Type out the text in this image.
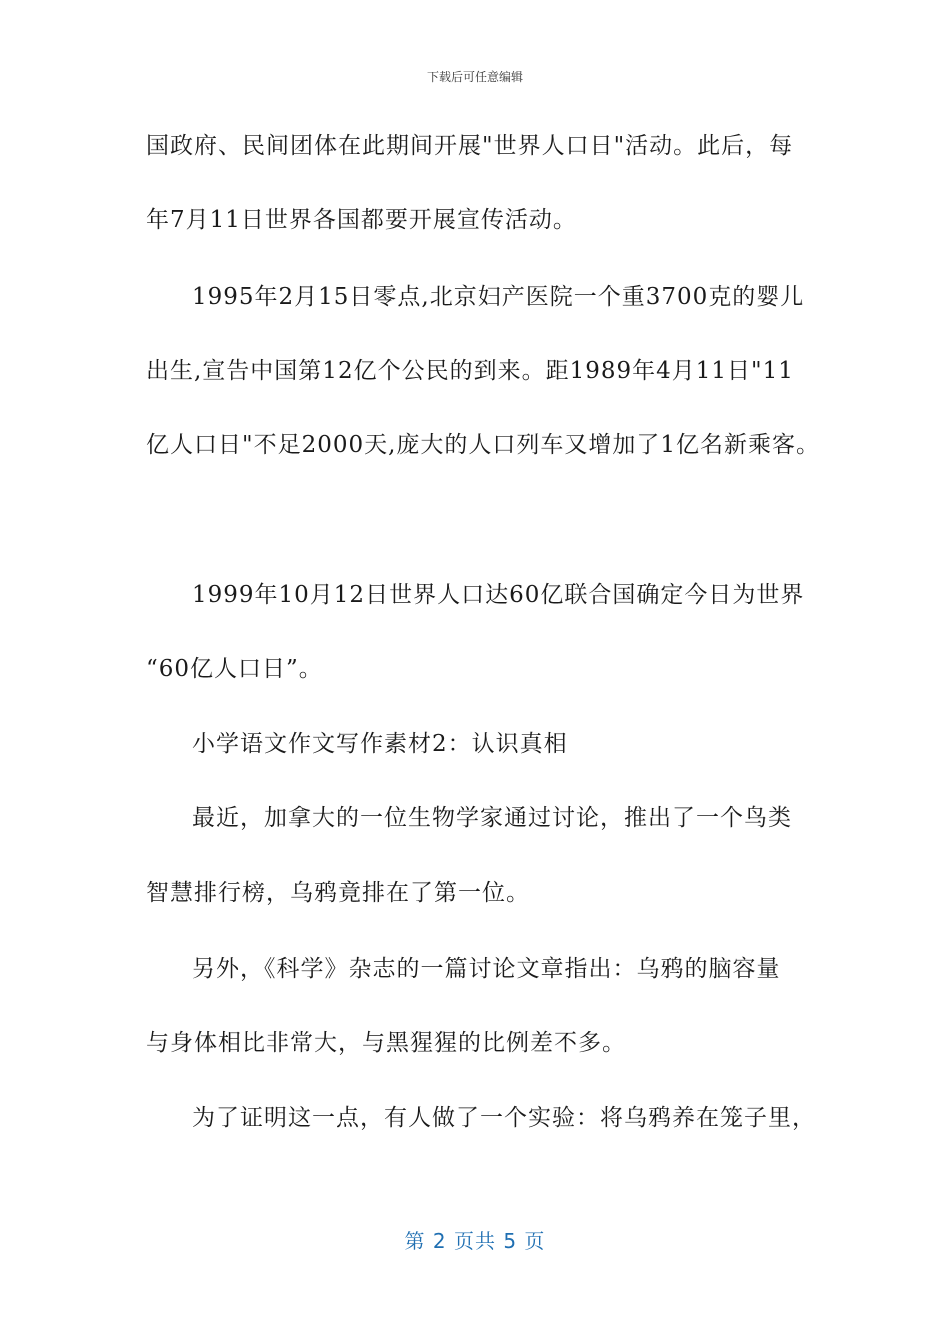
下载后可任意编辑
国政府、民间团体在此期间开展"世界人口日"活动。此后，每
年7月11日世界各国都要开展宣传活动。
1995年2月15日零点,北京妇产医院一个重3700克的婴儿
出生,宣告中国第12亿个公民的到来。距1989年4月11日"11
亿人口日"不足2000天,庞大的人口列车又增加了1亿名新乘客。
1999年10月12日世界人口达60亿联合国确定今日为世界
“60亿人口日”。
小学语文作文写作素材2：认识真相
最近，加拿大的一位生物学家通过讨论，推出了一个鸟类
智慧排行榜，乌鸦竟排在了第一位。
另外，《科学》杂志的一篇讨论文章指出：乌鸦的脑容量
与身体相比非常大，与黑猩猩的比例差不多。
为了证明这一点，有人做了一个实验：将乌鸦养在笼子里，
第 2 页共 5 页
